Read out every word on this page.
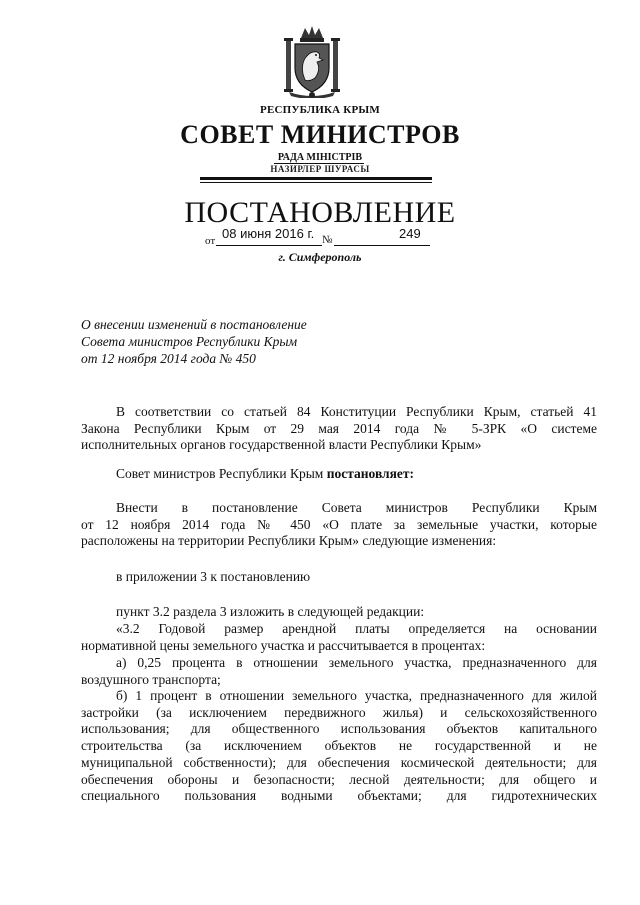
РЕСПУБЛИКА КРЫМ
СОВЕТ МИНИСТРОВ
РАДА МІНІСТРІВ
НАЗИРЛЕР ШУРАСЫ
ПОСТАНОВЛЕНИЕ
от 08 июня 2016 г. №	249
г. Симферополь
О внесении изменений в постановление
Совета министров Республики Крым
от 12 ноября 2014 года № 450
В соответствии со статьей 84 Конституции Республики Крым, статьей 41
Закона Республики Крым от 29 мая 2014 года № 5-ЗРК «О системе
исполнительных органов государственной власти Республики Крым»
Совет министров Республики Крым постановляет:
Внести в постановление Совета министров Республики Крым
от 12 ноября 2014 года № 450 «О плате за земельные участки, которые
расположены на территории Республики Крым» следующие изменения:
в приложении 3 к постановлению
пункт 3.2 раздела 3 изложить в следующей редакции:
«3.2 Годовой размер арендной платы определяется на основании
нормативной цены земельного участка и рассчитывается в процентах:
а) 0,25 процента в отношении земельного участка, предназначенного для
воздушного транспорта;
б) 1 процент в отношении земельного участка, предназначенного для жилой
застройки (за исключением передвижного жилья) и сельскохозяйственного
использования; для общественного использования объектов капитального
строительства (за исключением объектов не государственной и не
муниципальной собственности); для обеспечения космической деятельности; для
обеспечения обороны и безопасности; лесной деятельности; для общего и
специального пользования водными объектами; для гидротехнических
